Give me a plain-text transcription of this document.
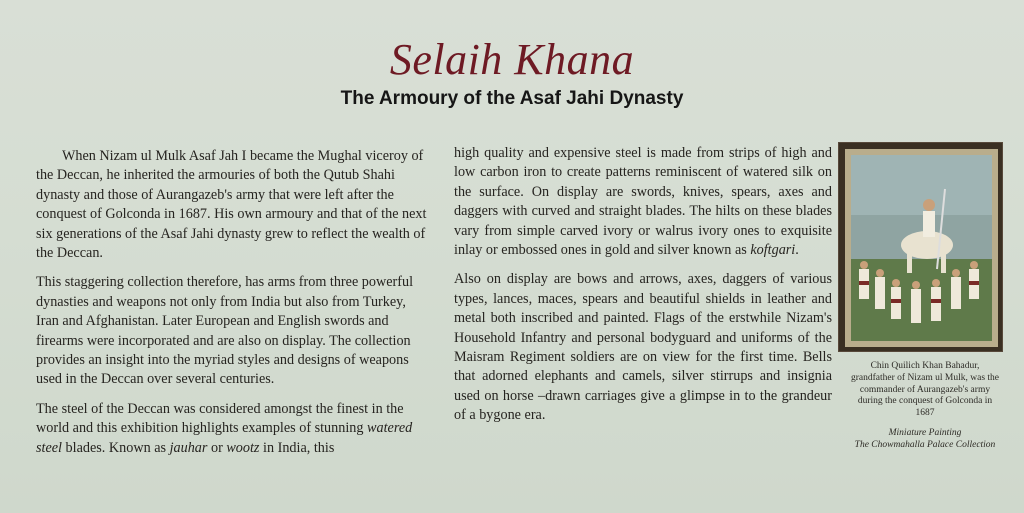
Selaih Khana
The Armoury of the Asaf Jahi Dynasty

When Nizam ul Mulk Asaf Jah I became the Mughal viceroy of the Deccan, he inherited the armouries of both the Qutub Shahi dynasty and those of Aurangazeb's army that were left after the conquest of Golconda in 1687. His own armoury and that of the next six generations of the Asaf Jahi dynasty grew to reflect the wealth of the Deccan.

This staggering collection therefore, has arms from three powerful dynasties and weapons not only from India but also from Turkey, Iran and Afghanistan. Later European and English swords and firearms were incorporated and are also on display. The collection provides an insight into the myriad styles and designs of weapons used in the Deccan over several centuries.

The steel of the Deccan was considered amongst the finest in the world and this exhibition highlights examples of stunning watered steel blades. Known as jauhar or wootz in India, this

high quality and expensive steel is made from strips of high and low carbon iron to create patterns reminiscent of watered silk on the surface. On display are swords, knives, spears, axes and daggers with curved and straight blades. The hilts on these blades vary from simple carved ivory or walrus ivory ones to exquisite inlay or embossed ones in gold and silver known as koftgari.

Also on display are bows and arrows, axes, daggers of various types, lances, maces, spears and beautiful shields in leather and metal both inscribed and painted. Flags of the erstwhile Nizam's Household Infantry and personal bodyguard and uniforms of the Maisram Regiment soldiers are on view for the first time. Bells that adorned elephants and camels, silver stirrups and insignia used on horse –drawn carriages give a glimpse in to the grandeur of a bygone era.

Chin Quilich Khan Bahadur, grandfather of Nizam ul Mulk, was the commander of Aurangazeb's army during the conquest of Golconda in 1687
Miniature Painting
The Chowmahalla Palace Collection
